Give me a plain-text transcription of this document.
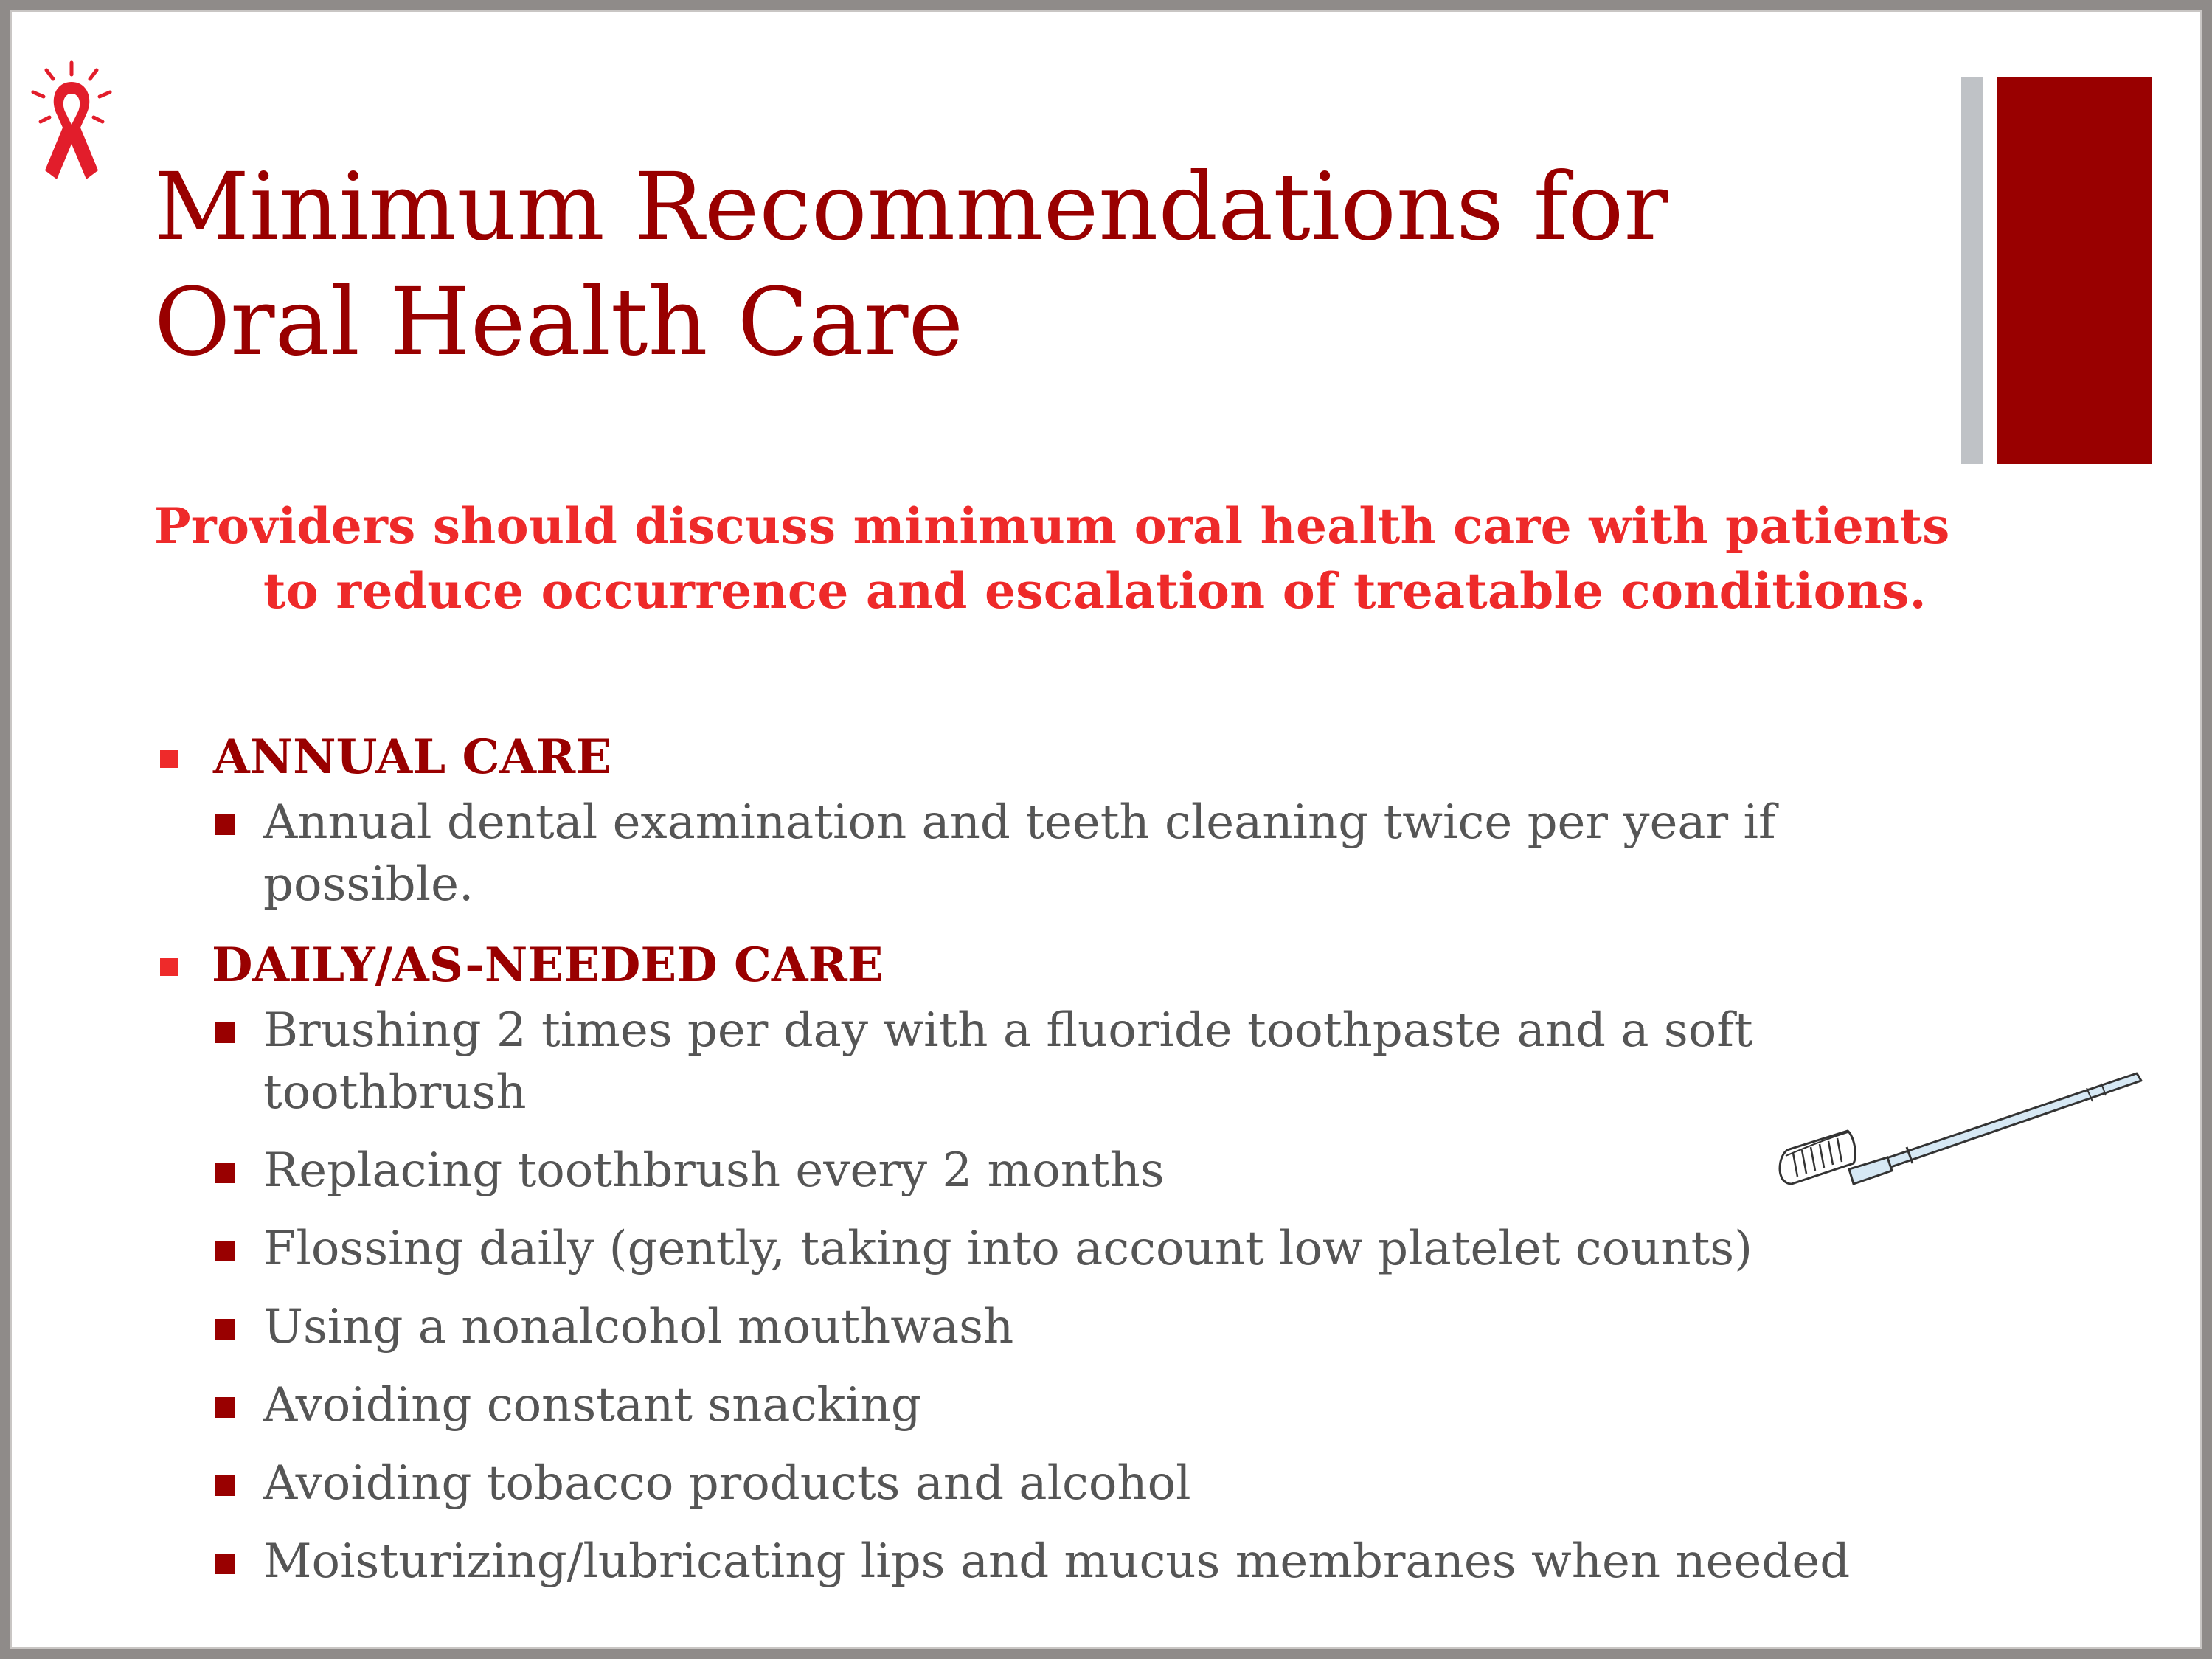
Minimum Recommendations for
Oral Health Care

Providers should discuss minimum oral health care with patients
to reduce occurrence and escalation of treatable conditions.

ANNUAL CARE
Annual dental examination and teeth cleaning twice per year if
possible.
DAILY/AS-NEEDED CARE
Brushing 2 times per day with a fluoride toothpaste and a soft
toothbrush
Replacing toothbrush every 2 months
Flossing daily (gently, taking into account low platelet counts)
Using a nonalcohol mouthwash
Avoiding constant snacking
Avoiding tobacco products and alcohol
Moisturizing/lubricating lips and mucus membranes when needed
